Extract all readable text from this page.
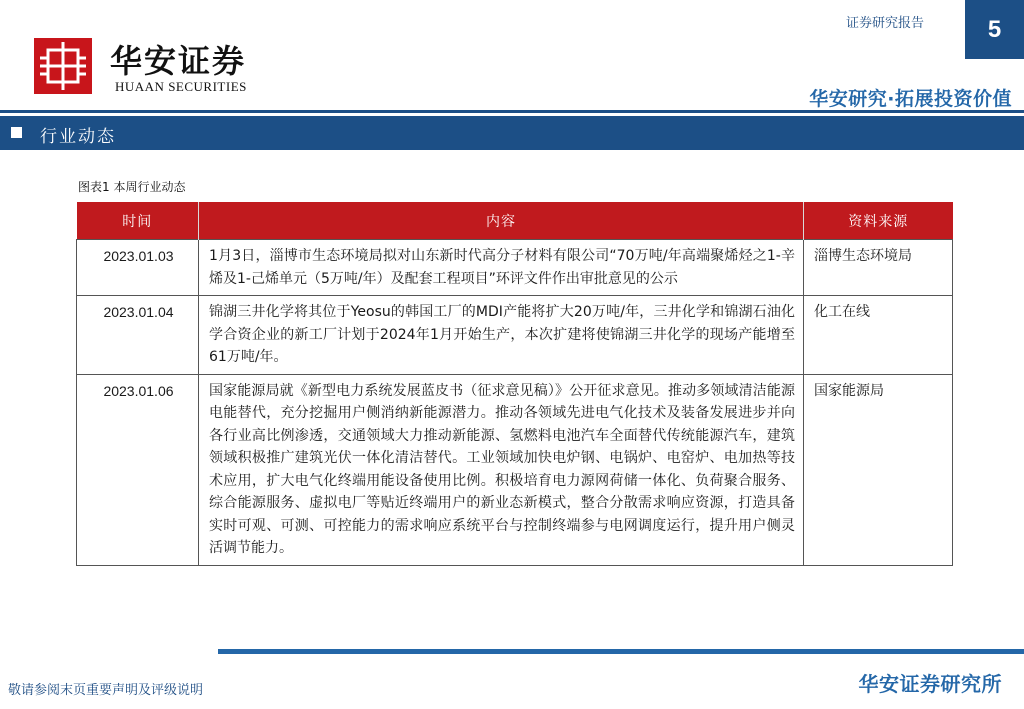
华安证券
HUAAN SECURITIES
证券研究报告	5
华安研究·拓展投资价值
行业动态
图表1 本周行业动态
时间	内容	资料来源
2023.01.03	1月3日，淄博市生态环境局拟对山东新时代高分子材料有限公司“70万吨/年高端聚烯烃之1-辛烯及1-己烯单元（5万吨/年）及配套工程项目”环评文件作出审批意见的公示	淄博生态环境局
2023.01.04	锦湖三井化学将其位于Yeosu的韩国工厂的MDI产能将扩大20万吨/年，三井化学和锦湖石油化学合资企业的新工厂计划于2024年1月开始生产，本次扩建将使锦湖三井化学的现场产能增至61万吨/年。	化工在线
2023.01.06	国家能源局就《新型电力系统发展蓝皮书（征求意见稿）》公开征求意见。推动多领域清洁能源电能替代，充分挖掘用户侧消纳新能源潜力。推动各领域先进电气化技术及装备发展进步并向各行业高比例渗透，交通领域大力推动新能源、氢燃料电池汽车全面替代传统能源汽车，建筑领域积极推广建筑光伏一体化清洁替代。工业领域加快电炉钢、电锅炉、电窑炉、电加热等技术应用，扩大电气化终端用能设备使用比例。积极培育电力源网荷储一体化、负荷聚合服务、综合能源服务、虚拟电厂等贴近终端用户的新业态新模式，整合分散需求响应资源，打造具备实时可观、可测、可控能力的需求响应系统平台与控制终端参与电网调度运行，提升用户侧灵活调节能力。	国家能源局
敬请参阅末页重要声明及评级说明	华安证券研究所
